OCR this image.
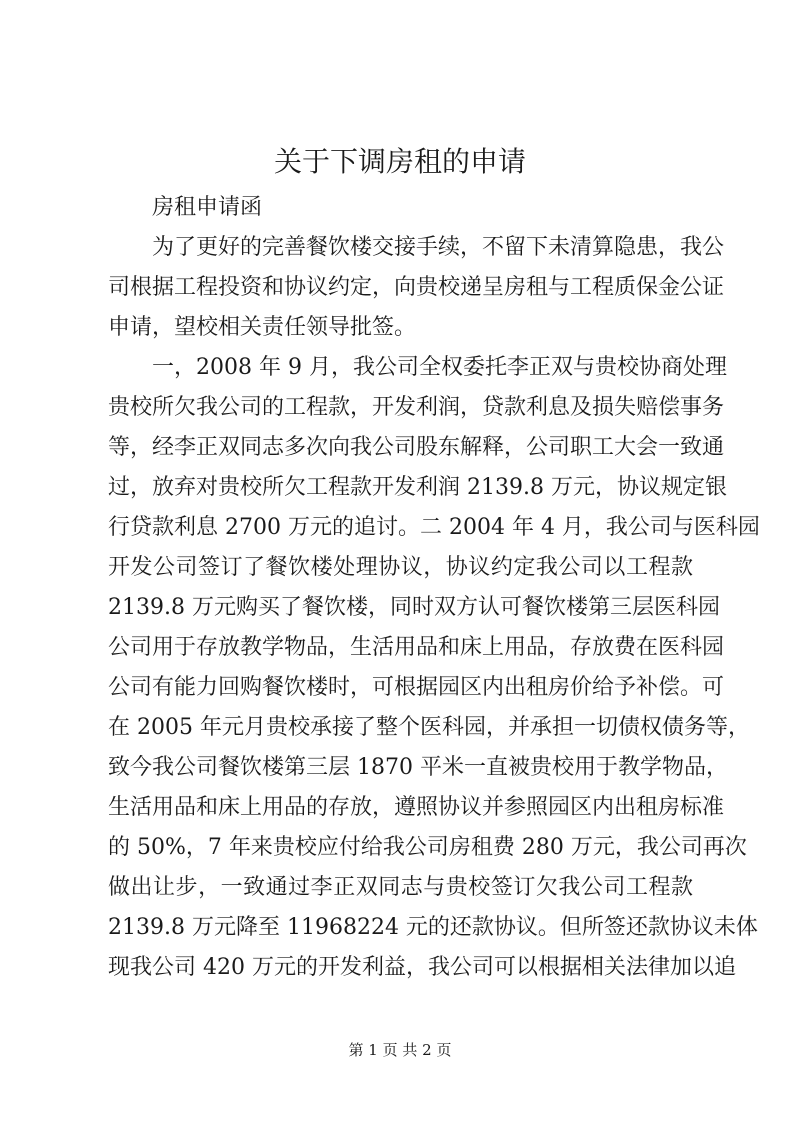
关于下调房租的申请
房租申请函
为了更好的完善餐饮楼交接手续，不留下未清算隐患，我公
司根据工程投资和协议约定，向贵校递呈房租与工程质保金公证
申请，望校相关责任领导批签。
一，2008 年 9 月，我公司全权委托李正双与贵校协商处理
贵校所欠我公司的工程款，开发利润，贷款利息及损失赔偿事务
等，经李正双同志多次向我公司股东解释，公司职工大会一致通
过，放弃对贵校所欠工程款开发利润 2139.8 万元，协议规定银
行贷款利息 2700 万元的追讨。二 2004 年 4 月，我公司与医科园
开发公司签订了餐饮楼处理协议，协议约定我公司以工程款
2139.8 万元购买了餐饮楼，同时双方认可餐饮楼第三层医科园
公司用于存放教学物品，生活用品和床上用品，存放费在医科园
公司有能力回购餐饮楼时，可根据园区内出租房价给予补偿。可
在 2005 年元月贵校承接了整个医科园，并承担一切债权债务等，
致今我公司餐饮楼第三层 1870 平米一直被贵校用于教学物品，
生活用品和床上用品的存放，遵照协议并参照园区内出租房标准
的 50%，7 年来贵校应付给我公司房租费 280 万元，我公司再次
做出让步，一致通过李正双同志与贵校签订欠我公司工程款
2139.8 万元降至 11968224 元的还款协议。但所签还款协议未体
现我公司 420 万元的开发利益，我公司可以根据相关法律加以追
第 1 页 共 2 页
